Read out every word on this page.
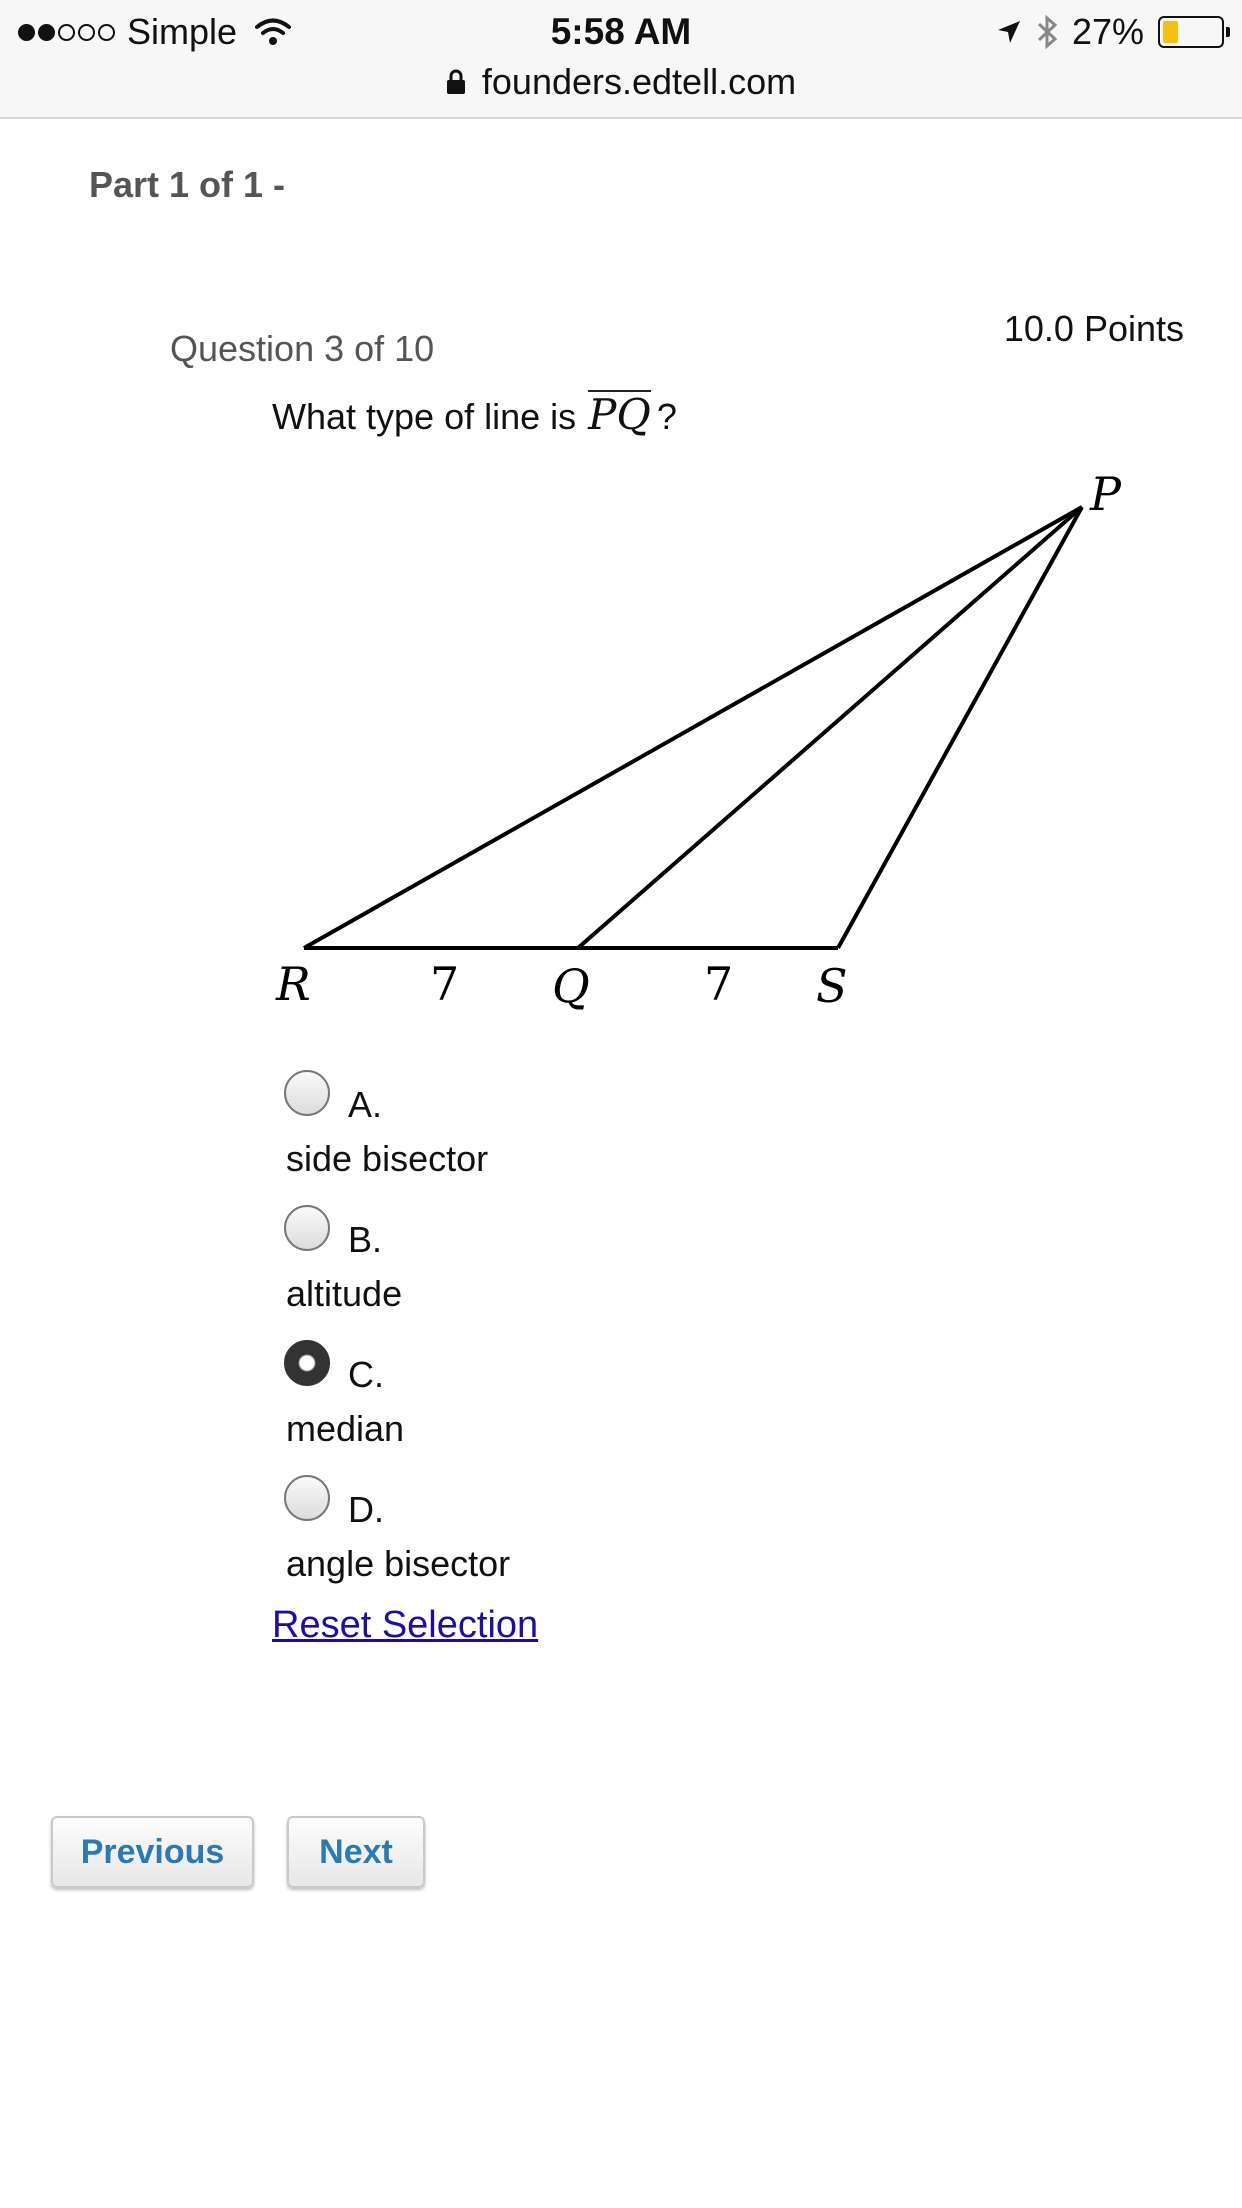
Simple	5:58 AM	27%
founders.edtell.com
Part 1 of 1 -
Question 3 of 10	10.0 Points
What type of line is PQ ?
P
R	Q	S
7	7
A.
side bisector
B.
altitude
C.
median
D.
angle bisector
Reset Selection
Previous	Next
